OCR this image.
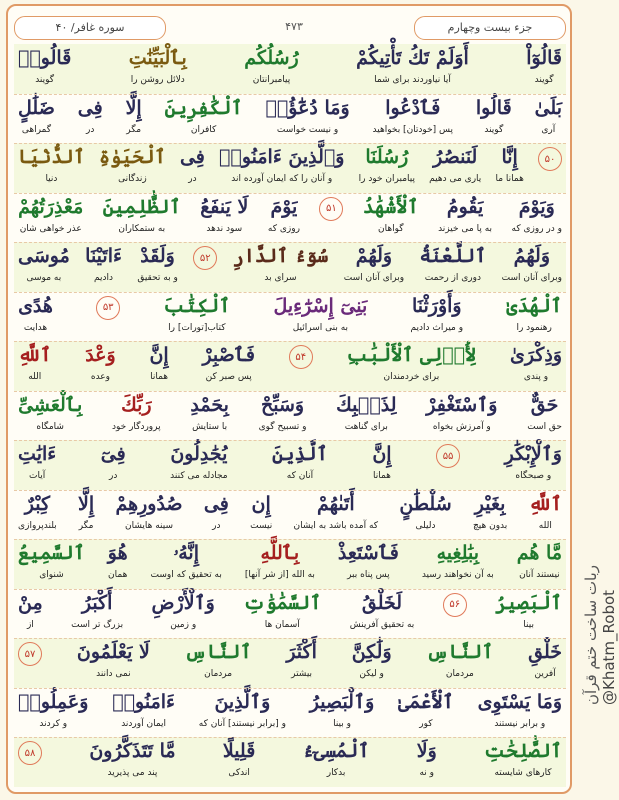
جزء بیست وچهارم
۴۷۳
سوره غافر/ ۴۰
قَالُوٓاْ
گویند
أَوَلَمْ تَكُ تَأْتِيكُمْ
آیا نیاوردند برای شما
رُسُلُكُم
پیامبرانتان
بِٱلْبَيِّنَٰتِ
دلائل روشن را
قَالُوا۟
گویند
بَلَىٰ
آری
قَالُوا
گویند
فَٱدْعُوا
پس [خودتان] بخواهید
وَمَا دُعَٰٓؤُا۟
و نیست خواست
ٱلْكَٰفِرِينَ
کافران
إِلَّا
مگر
فِى
در
ضَلَٰلٍ
گمراهی
۵۰
إِنَّا
همانا ما
لَنَنصُرُ
یاری می دهیم
رُسُلَنَا
پیامبران خود را
وَٱلَّذِينَ ءَامَنُوا۟
و آنان را که ایمان آورده اند
فِى
در
ٱلْحَيَوٰةِ
زندگانی
ٱلدُّنْيَا
دنیا
وَيَوْمَ
و در روزی که
يَقُومُ
به پا می خیزند
ٱلْأَشْهَٰدُ
گواهان
۵۱
يَوْمَ
روزی که
لَا يَنفَعُ
سود ندهد
ٱلظَّٰلِمِينَ
به ستمکاران
مَعْذِرَتُهُمْ
عذر خواهی شان
وَلَهُمُ
وبرای آنان است
ٱللَّعْنَةُ
دوری از رحمت
وَلَهُمْ
وبرای آنان است
سُوٓءُ ٱلدَّارِ
سرای بد
۵۲
وَلَقَدْ
و به تحقیق
ءَاتَيْنَا
دادیم
مُوسَى
به موسی
ٱلْهُدَىٰ
رهنمود را
وَأَوْرَثْنَا
و میراث دادیم
بَنِىٓ إِسْرَٰٓءِيلَ
به بنی اسرائیل
ٱلْكِتَٰبَ
کتاب[تورات] را
۵۳
هُدًى
هدایت
وَذِكْرَىٰ
و پندی
لِأُو۟لِى ٱلْأَلْبَٰبِ
برای خردمندان
۵۴
فَٱصْبِرْ
پس صبر کن
إِنَّ
همانا
وَعْدَ
وعده
ٱللَّهِ
الله
حَقٌّ
حق است
وَٱسْتَغْفِرْ
و آمرزش بخواه
لِذَنۢبِكَ
برای گناهت
وَسَبِّحْ
و تسبیح گوی
بِحَمْدِ
با ستایش
رَبِّكَ
پروردگار خود
بِٱلْعَشِىِّ
شامگاه
وَٱلْإِبْكَٰرِ
و صبحگاه
۵۵
إِنَّ
همانا
ٱلَّذِينَ
آنان که
يُجَٰدِلُونَ
مجادله می کنند
فِىٓ
در
ءَايَٰتِ
آیات
ٱللَّهِ
الله
بِغَيْرِ
بدون هیچ
سُلْطَٰنٍ
دلیلی
أَتَىٰهُمْ
که آمده باشد به ایشان
إِن
نیست
فِى
در
صُدُورِهِمْ
سینه هایشان
إِلَّا
مگر
كِبْرٌ
بلندپروازی
مَّا هُم
نیستند آنان
بِبَٰلِغِيهِ
به آن نخواهند رسید
فَٱسْتَعِذْ
پس پناه ببر
بِٱللَّهِ
به الله [از شر آنها]
إِنَّهُۥ
به تحقیق که اوست
هُوَ
همان
ٱلسَّمِيعُ
شنوای
ٱلْبَصِيرُ
بینا
۵۶
لَخَلْقُ
به تحقیق آفرینش
ٱلسَّمَٰوَٰتِ
آسمان ها
وَٱلْأَرْضِ
و زمین
أَكْبَرُ
بزرگ تر است
مِنْ
از
خَلْقِ
آفرین
ٱلنَّاسِ
مردمان
وَلَٰكِنَّ
و لیکن
أَكْثَرَ
بیشتر
ٱلنَّاسِ
مردمان
لَا يَعْلَمُونَ
نمی دانند
۵۷
وَمَا يَسْتَوِى
و برابر نیستند
ٱلْأَعْمَىٰ
کور
وَٱلْبَصِيرُ
و بینا
وَٱلَّذِينَ
و [برابر نیستند] آنان که
ءَامَنُوا۟
ایمان آوردند
وَعَمِلُوا۟
و کردند
ٱلصَّٰلِحَٰتِ
کارهای شایسته
وَلَا
و نه
ٱلْمُسِىٓءُ
بدکار
قَلِيلًا
اندکی
مَّا تَتَذَكَّرُونَ
پند می پذیرید
۵۸
ربات ساخت ختم قرآن @Khatm_Robot
